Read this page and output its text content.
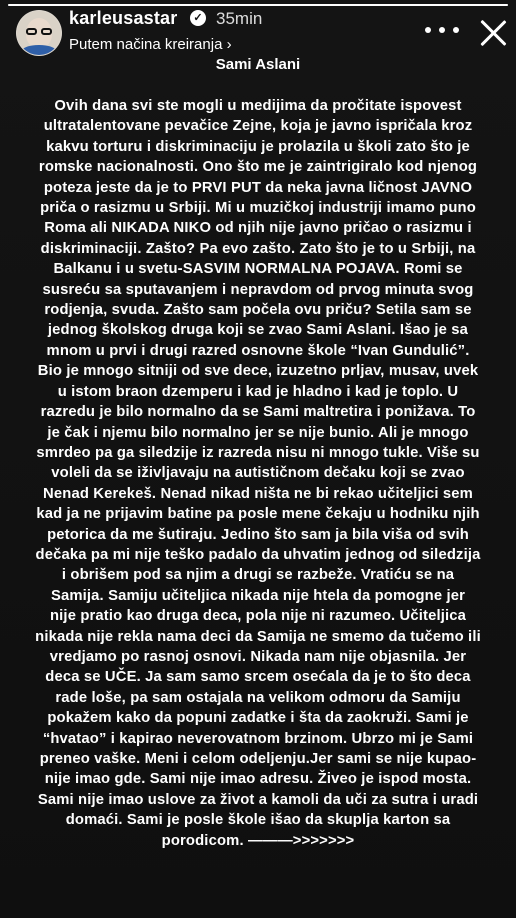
karleusastar	✓ 35min
Putem načina kreiranja ›
Sami Aslani
Ovih dana svi ste mogli u medijima da pročitate ispovest
ultratalentovane pevačice Zejne, koja je javno ispričala kroz
kakvu torturu i diskriminaciju je prolazila u školi zato što je
romske nacionalnosti. Ono što me je zaintrigiralo kod njenog
poteza jeste da je to PRVI PUT da neka javna ličnost JAVNO
priča o rasizmu u Srbiji. Mi u muzičkoj industriji imamo puno
Roma ali NIKADA NIKO od njih nije javno pričao o rasizmu i
diskriminaciji. Zašto? Pa evo zašto. Zato što je to u Srbiji, na
Balkanu i u svetu-SASVIM NORMALNA POJAVA. Romi se
susreću sa sputavanjem i nepravdom od prvog minuta svog
rodjenja, svuda. Zašto sam počela ovu priču? Setila sam se
jednog školskog druga koji se zvao Sami Aslani. Išao je sa
mnom u prvi i drugi razred osnovne škole “Ivan Gundulić”.
Bio je mnogo sitniji od sve dece, izuzetno prljav, musav, uvek
u istom braon dzemperu i kad je hladno i kad je toplo. U
razredu je bilo normalno da se Sami maltretira i ponižava. To
je čak i njemu bilo normalno jer se nije bunio. Ali je mnogo
smrdeo pa ga siledzije iz razreda nisu ni mnogo tukle. Više su
voleli da se iživljavaju na autističnom dečaku koji se zvao
Nenad Kerekeš. Nenad nikad ništa ne bi rekao učiteljici sem
kad ja ne prijavim batine pa posle mene čekaju u hodniku njih
petorica da me šutiraju. Jedino što sam ja bila viša od svih
dečaka pa mi nije teško padalo da uhvatim jednog od siledzija
i obrišem pod sa njim a drugi se razbeže. Vratiću se na
Samija. Samiju učiteljica nikada nije htela da pomogne jer
nije pratio kao druga deca, pola nije ni razumeo. Učiteljica
nikada nije rekla nama deci da Samija ne smemo da tučemo ili
vredjamo po rasnoj osnovi. Nikada nam nije objasnila. Jer
deca se UČE. Ja sam samo srcem osećala da je to što deca
rade loše, pa sam ostajala na velikom odmoru da Samiju
pokažem kako da popuni zadatke i šta da zaokruži. Sami je
“hvatao” i kapirao neverovatnom brzinom. Ubrzo mi je Sami
preneo vaške. Meni i celom odeljenju.Jer sami se nije kupao-
nije imao gde. Sami nije imao adresu. Živeo je ispod mosta.
Sami nije imao uslove za život a kamoli da uči za sutra i uradi
domaći. Sami je posle škole išao da skuplja karton sa
porodicom. ———>>>>>>>
